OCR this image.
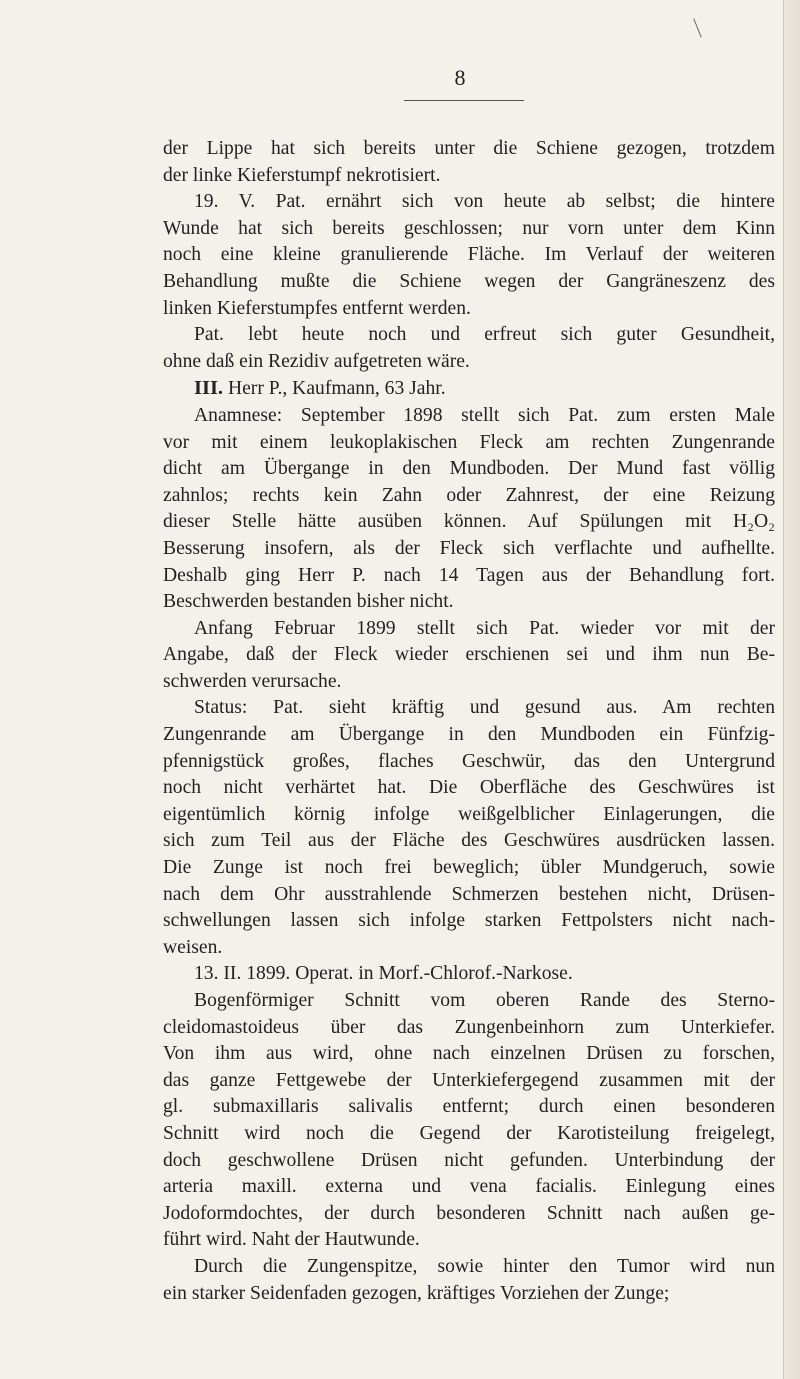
8
der Lippe hat sich bereits unter die Schiene gezogen, trotzdem
der linke Kieferstumpf nekrotisiert.
19. V. Pat. ernährt sich von heute ab selbst; die hintere
Wunde hat sich bereits geschlossen; nur vorn unter dem Kinn
noch eine kleine granulierende Fläche. Im Verlauf der weiteren
Behandlung mußte die Schiene wegen der Gangräneszenz des
linken Kieferstumpfes entfernt werden.
Pat. lebt heute noch und erfreut sich guter Gesundheit,
ohne daß ein Rezidiv aufgetreten wäre.
III. Herr P., Kaufmann, 63 Jahr.
Anamnese: September 1898 stellt sich Pat. zum ersten Male
vor mit einem leukoplakischen Fleck am rechten Zungenrande
dicht am Übergange in den Mundboden. Der Mund fast völlig
zahnlos; rechts kein Zahn oder Zahnrest, der eine Reizung
dieser Stelle hätte ausüben können. Auf Spülungen mit H₂O₂
Besserung insofern, als der Fleck sich verflachte und aufhellte.
Deshalb ging Herr P. nach 14 Tagen aus der Behandlung fort.
Beschwerden bestanden bisher nicht.
Anfang Februar 1899 stellt sich Pat. wieder vor mit der
Angabe, daß der Fleck wieder erschienen sei und ihm nun Be-
schwerden verursache.
Status: Pat. sieht kräftig und gesund aus. Am rechten
Zungenrande am Übergange in den Mundboden ein Fünfzig-
pfennigstück großes, flaches Geschwür, das den Untergrund
noch nicht verhärtet hat. Die Oberfläche des Geschwüres ist
eigentümlich körnig infolge weißgelblicher Einlagerungen, die
sich zum Teil aus der Fläche des Geschwüres ausdrücken lassen.
Die Zunge ist noch frei beweglich; übler Mundgeruch, sowie
nach dem Ohr ausstrahlende Schmerzen bestehen nicht, Drüsen-
schwellungen lassen sich infolge starken Fettpolsters nicht nach-
weisen.
13. II. 1899. Operat. in Morf.-Chlorof.-Narkose.
Bogenförmiger Schnitt vom oberen Rande des Sterno-
cleidomastoideus über das Zungenbeinhorn zum Unterkiefer.
Von ihm aus wird, ohne nach einzelnen Drüsen zu forschen,
das ganze Fettgewebe der Unterkiefergegend zusammen mit der
gl. submaxillaris salivalis entfernt; durch einen besonderen
Schnitt wird noch die Gegend der Karotisteilung freigelegt,
doch geschwollene Drüsen nicht gefunden. Unterbindung der
arteria maxill. externa und vena facialis. Einlegung eines
Jodoformdochtes, der durch besonderen Schnitt nach außen ge-
führt wird. Naht der Hautwunde.
Durch die Zungenspitze, sowie hinter den Tumor wird nun
ein starker Seidenfaden gezogen, kräftiges Vorziehen der Zunge;
